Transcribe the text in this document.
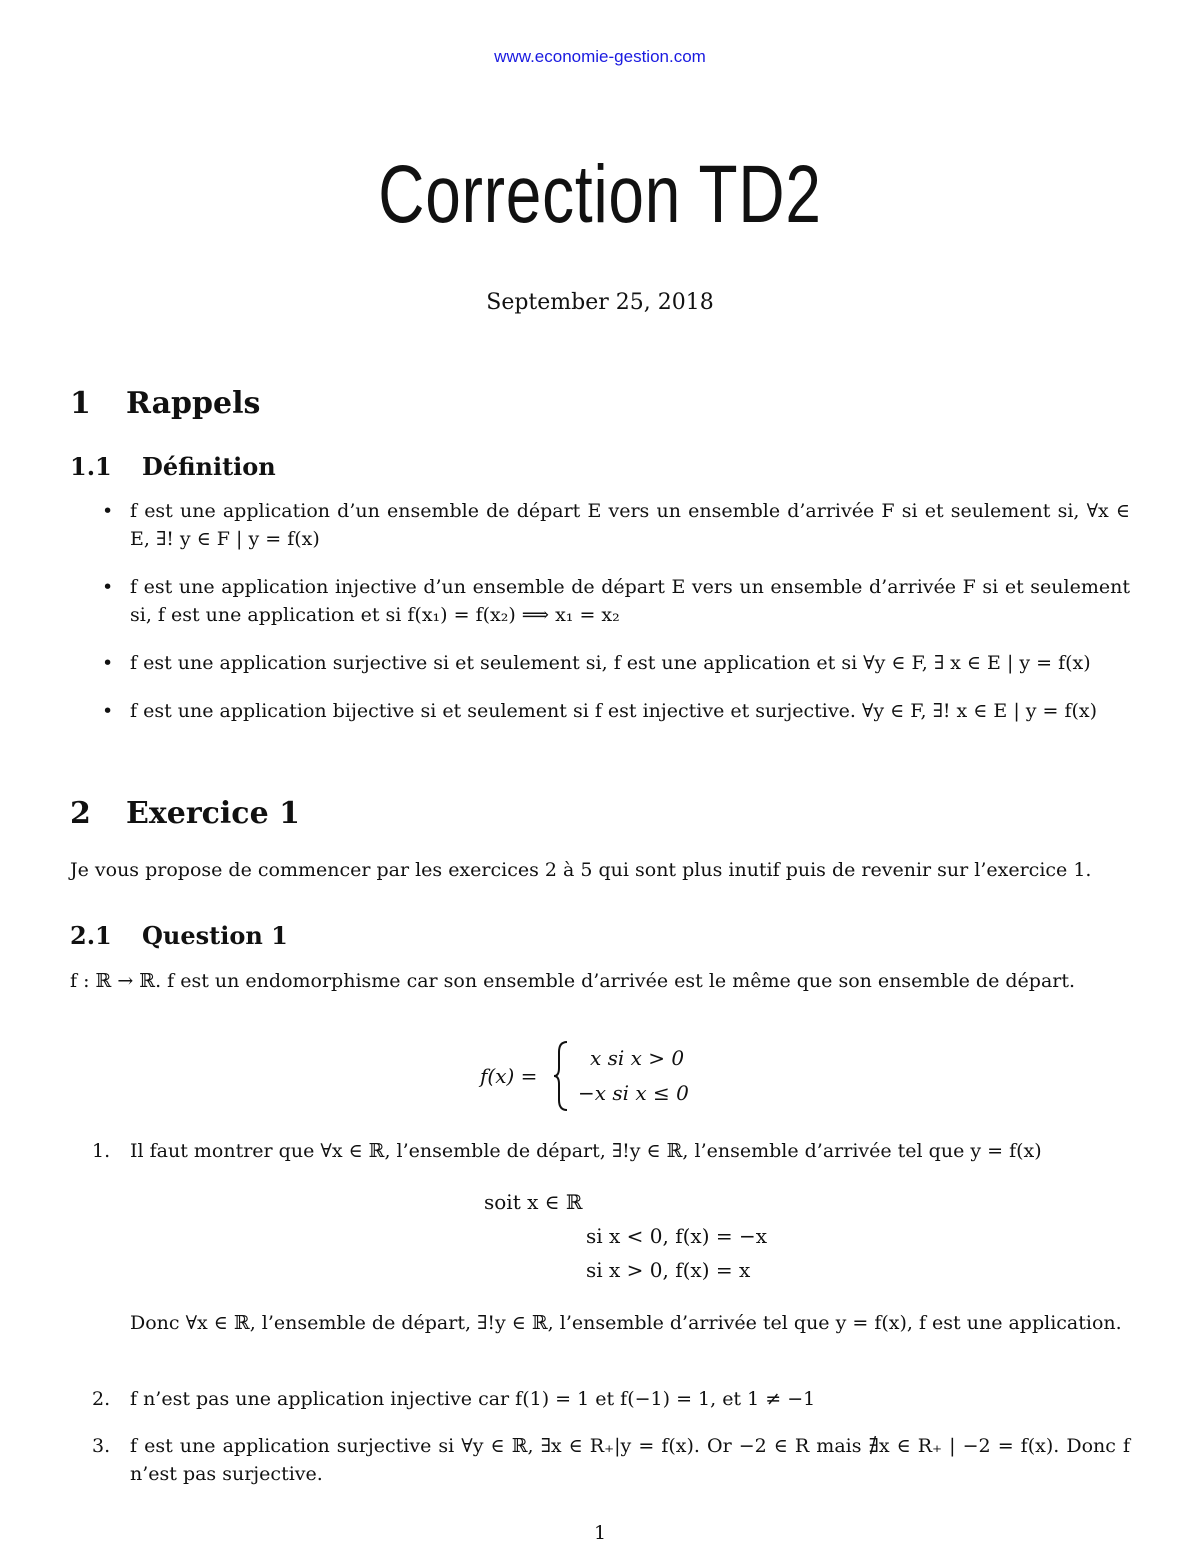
www.economie-gestion.com
Correction TD2
September 25, 2018
1 Rappels
1.1 Définition
• f est une application d’un ensemble de départ E vers un ensemble d’arrivée F si et seulement si, ∀x ∈ E, ∃! y ∈ F | y = f(x)
• f est une application injective d’un ensemble de départ E vers un ensemble d’arrivée F si et seulement si, f est une application et si f(x₁) = f(x₂) ⟹ x₁ = x₂
• f est une application surjective si et seulement si, f est une application et si ∀y ∈ F, ∃ x ∈ E | y = f(x)
• f est une application bijective si et seulement si f est injective et surjective. ∀y ∈ F, ∃! x ∈ E | y = f(x)
2 Exercice 1

Je vous propose de commencer par les exercices 2 à 5 qui sont plus inutif puis de revenir sur l’exercice 1.

2.1 Question 1

f : ℝ → ℝ. f est un endomorphisme car son ensemble d’arrivée est le même que son ensemble de départ.

f(x) =
x si x > 0
−x si x ≤ 0
1. Il faut montrer que ∀x ∈ ℝ, l’ensemble de départ, ∃!y ∈ ℝ, l’ensemble d’arrivée tel que y = f(x)
soit x ∈ ℝ
si x < 0, f(x) = −x
si x > 0, f(x) = x

Donc ∀x ∈ ℝ, l’ensemble de départ, ∃!y ∈ ℝ, l’ensemble d’arrivée tel que y = f(x), f est une application.

2. f n’est pas une application injective car f(1) = 1 et f(−1) = 1, et 1 ≠ −1
3. f est une application surjective si ∀y ∈ ℝ, ∃x ∈ R₊|y = f(x). Or −2 ∈ R mais ∄x ∈ R₊ | −2 = f(x). Donc f n’est pas surjective.
1
